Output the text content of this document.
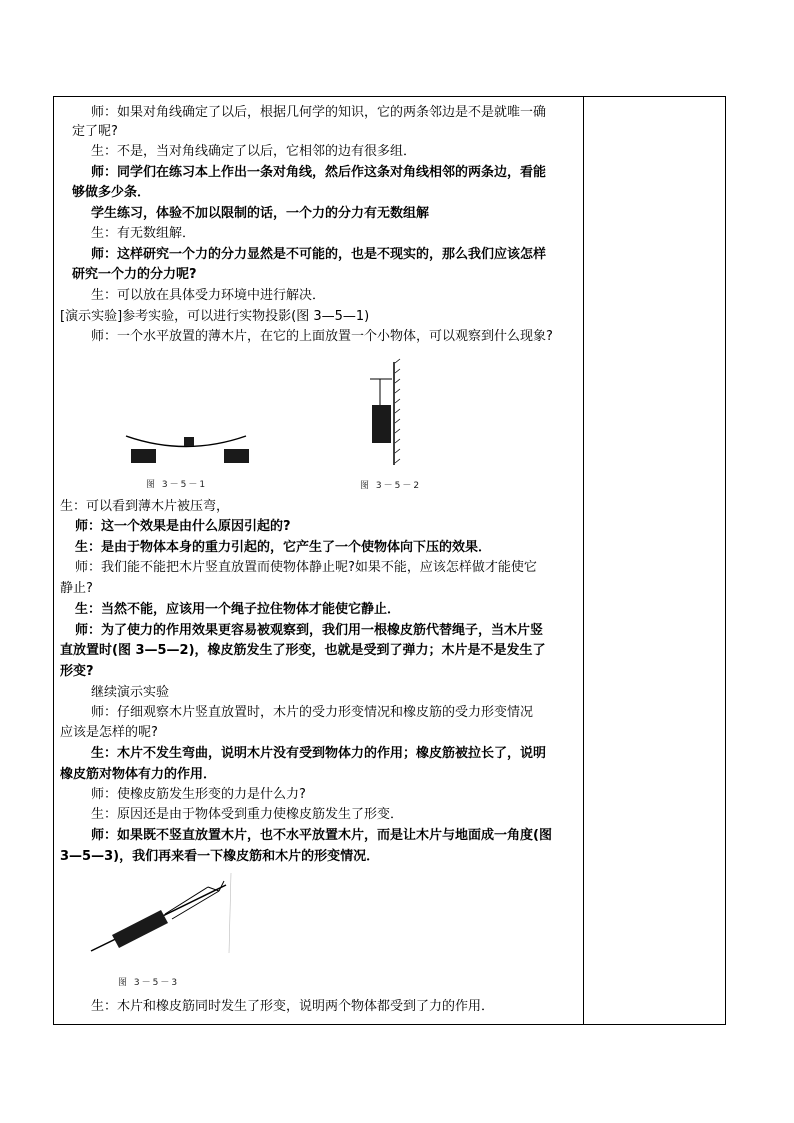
师：如果对角线确定了以后，根据几何学的知识，它的两条邻边是不是就唯一确
定了呢?
生：不是，当对角线确定了以后，它相邻的边有很多组．
师：同学们在练习本上作出一条对角线，然后作这条对角线相邻的两条边，看能
够做多少条．
学生练习，体验不加以限制的话，一个力的分力有无数组解
生：有无数组解．
师：这样研究一个力的分力显然是不可能的，也是不现实的，那么我们应该怎样
研究一个力的分力呢?
生：可以放在具体受力环境中进行解决．
[演示实验]参考实验，可以进行实物投影(图 3—5—1)
师：一个水平放置的薄木片，在它的上面放置一个小物体，可以观察到什么现象?
图 3－5－1	图 3－5－2
生：可以看到薄木片被压弯，
师：这一个效果是由什么原因引起的?
生：是由于物体本身的重力引起的，它产生了一个使物体向下压的效果．
师：我们能不能把木片竖直放置而使物体静止呢?如果不能，应该怎样做才能使它
静止?
生：当然不能，应该用一个绳子拉住物体才能使它静止．
师：为了使力的作用效果更容易被观察到，我们用一根橡皮筋代替绳子，当木片竖
直放置时(图 3—5—2)，橡皮筋发生了形变，也就是受到了弹力；木片是不是发生了
形变?
继续演示实验
师：仔细观察木片竖直放置时，木片的受力形变情况和橡皮筋的受力形变情况
应该是怎样的呢?
生：木片不发生弯曲，说明木片没有受到物体力的作用；橡皮筋被拉长了，说明
橡皮筋对物体有力的作用．
师：使橡皮筋发生形变的力是什么力?
生：原因还是由于物体受到重力使橡皮筋发生了形变．
师：如果既不竖直放置木片，也不水平放置木片，而是让木片与地面成一角度(图
3—5—3)，我们再来看一下橡皮筋和木片的形变情况．
图 3－5－3
生：木片和橡皮筋同时发生了形变，说明两个物体都受到了力的作用．
